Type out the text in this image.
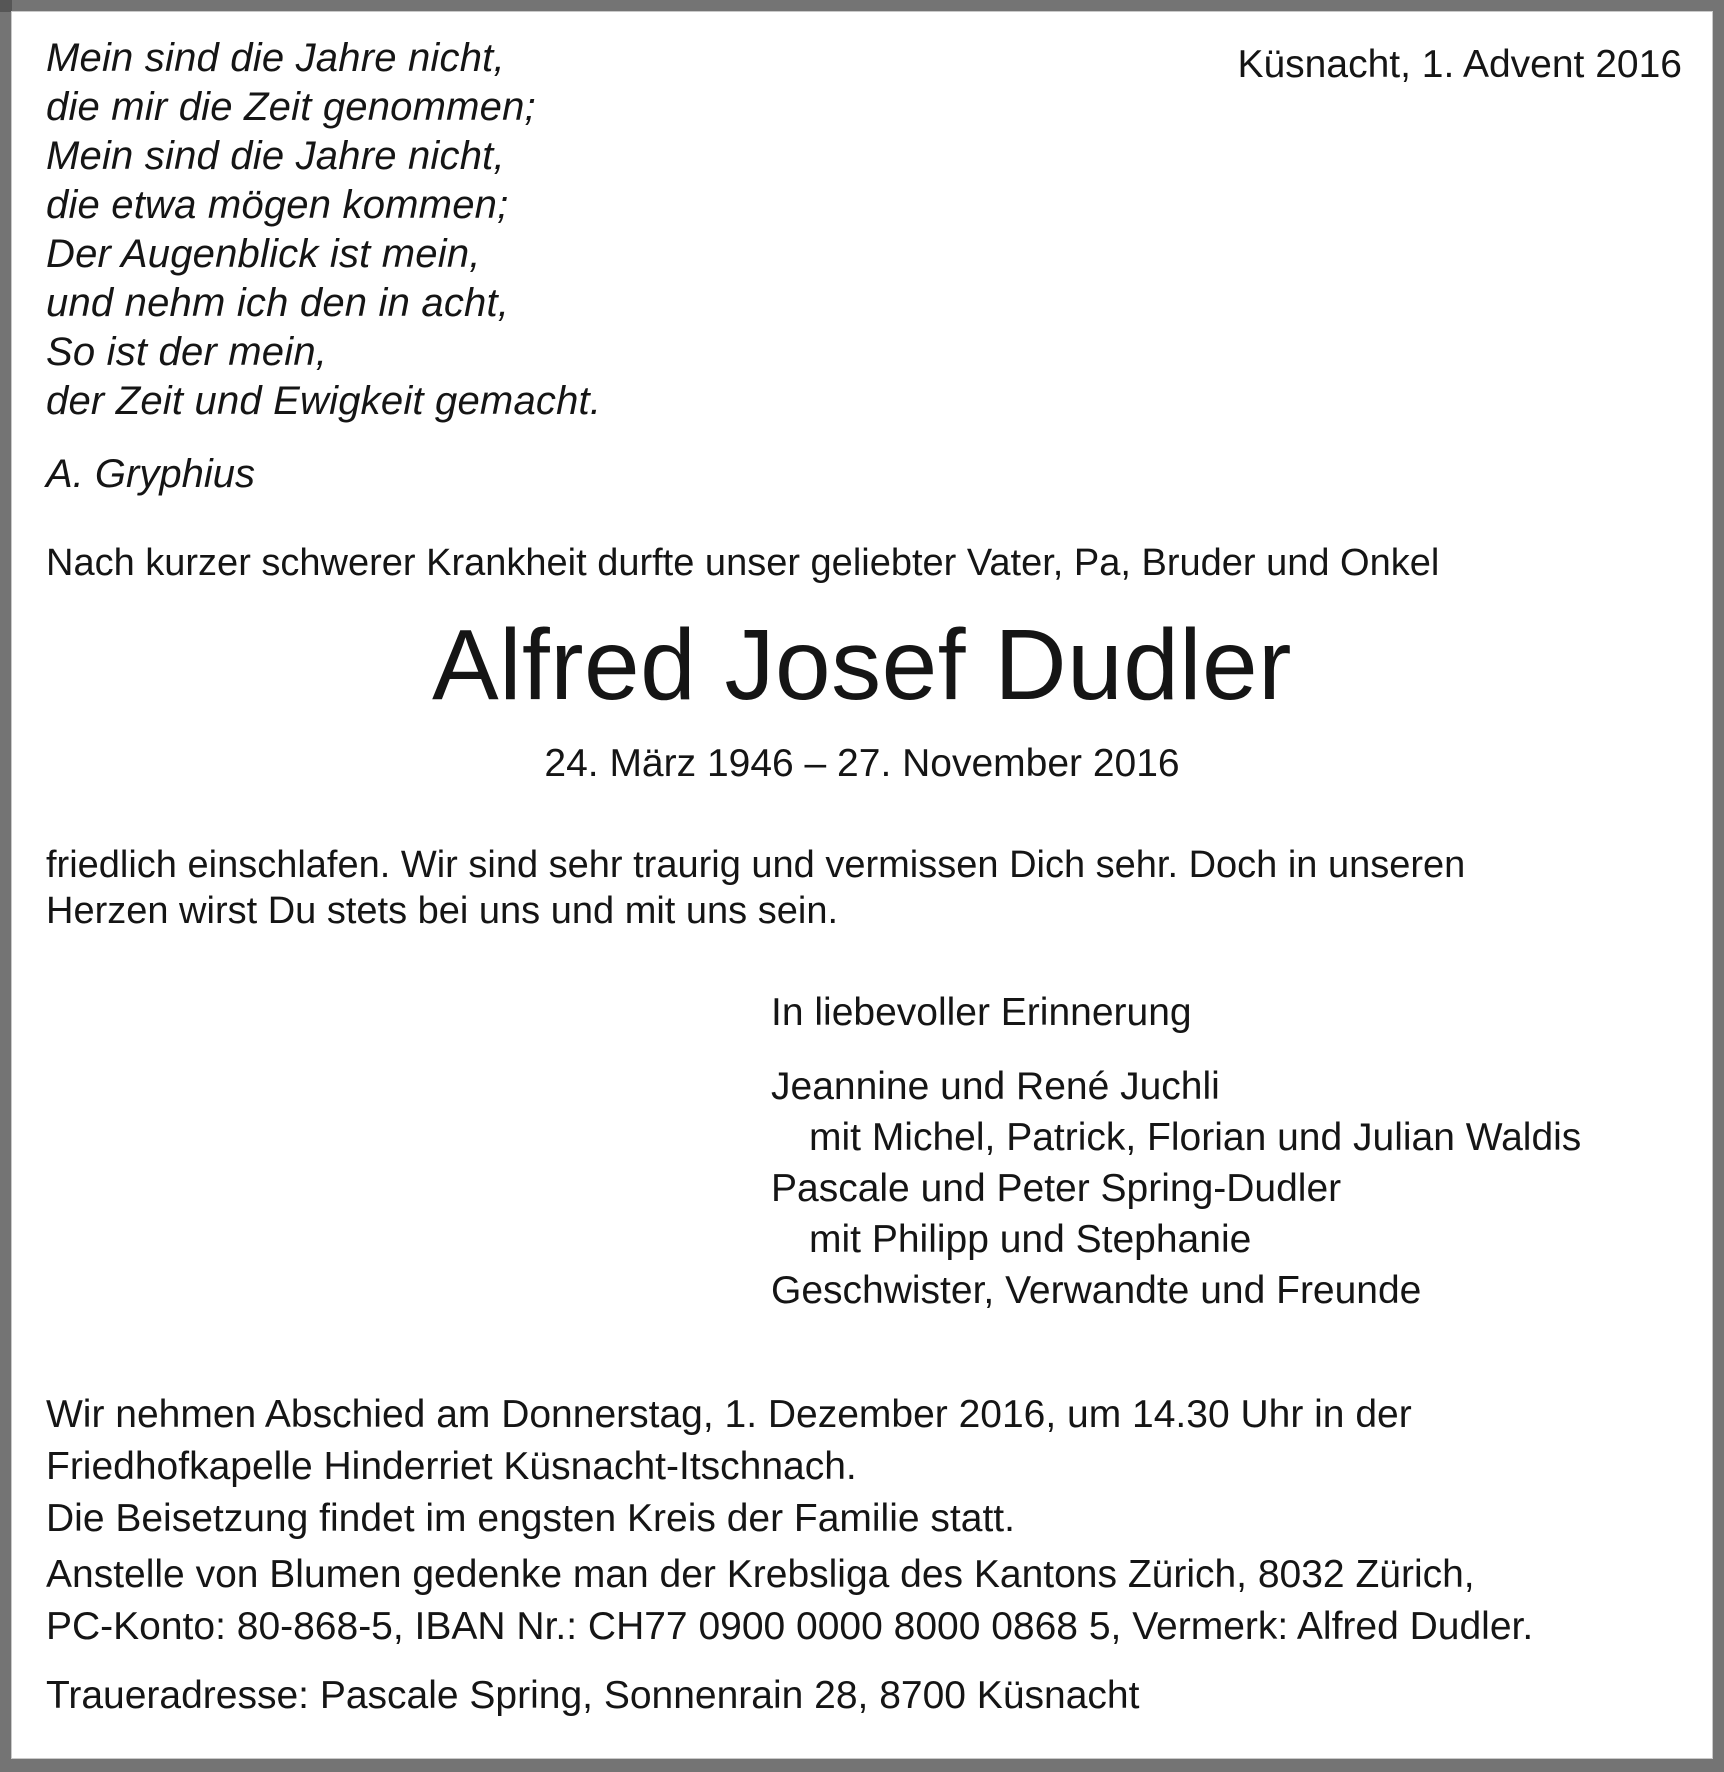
Mein sind die Jahre nicht,
die mir die Zeit genommen;
Mein sind die Jahre nicht,
die etwa mögen kommen;
Der Augenblick ist mein,
und nehm ich den in acht,
So ist der mein,
der Zeit und Ewigkeit gemacht.
A. Gryphius
Küsnacht, 1. Advent 2016
Nach kurzer schwerer Krankheit durfte unser geliebter Vater, Pa, Bruder und Onkel
Alfred Josef Dudler
24. März 1946 – 27. November 2016
friedlich einschlafen. Wir sind sehr traurig und vermissen Dich sehr. Doch in unseren
Herzen wirst Du stets bei uns und mit uns sein.
In liebevoller Erinnerung
Jeannine und René Juchli
mit Michel, Patrick, Florian und Julian Waldis
Pascale und Peter Spring-Dudler
mit Philipp und Stephanie
Geschwister, Verwandte und Freunde
Wir nehmen Abschied am Donnerstag, 1. Dezember 2016, um 14.30 Uhr in der
Friedhofkapelle Hinderriet Küsnacht-Itschnach.
Die Beisetzung findet im engsten Kreis der Familie statt.
Anstelle von Blumen gedenke man der Krebsliga des Kantons Zürich, 8032 Zürich,
PC-Konto: 80-868-5, IBAN Nr.: CH77 0900 0000 8000 0868 5, Vermerk: Alfred Dudler.
Traueradresse: Pascale Spring, Sonnenrain 28, 8700 Küsnacht
